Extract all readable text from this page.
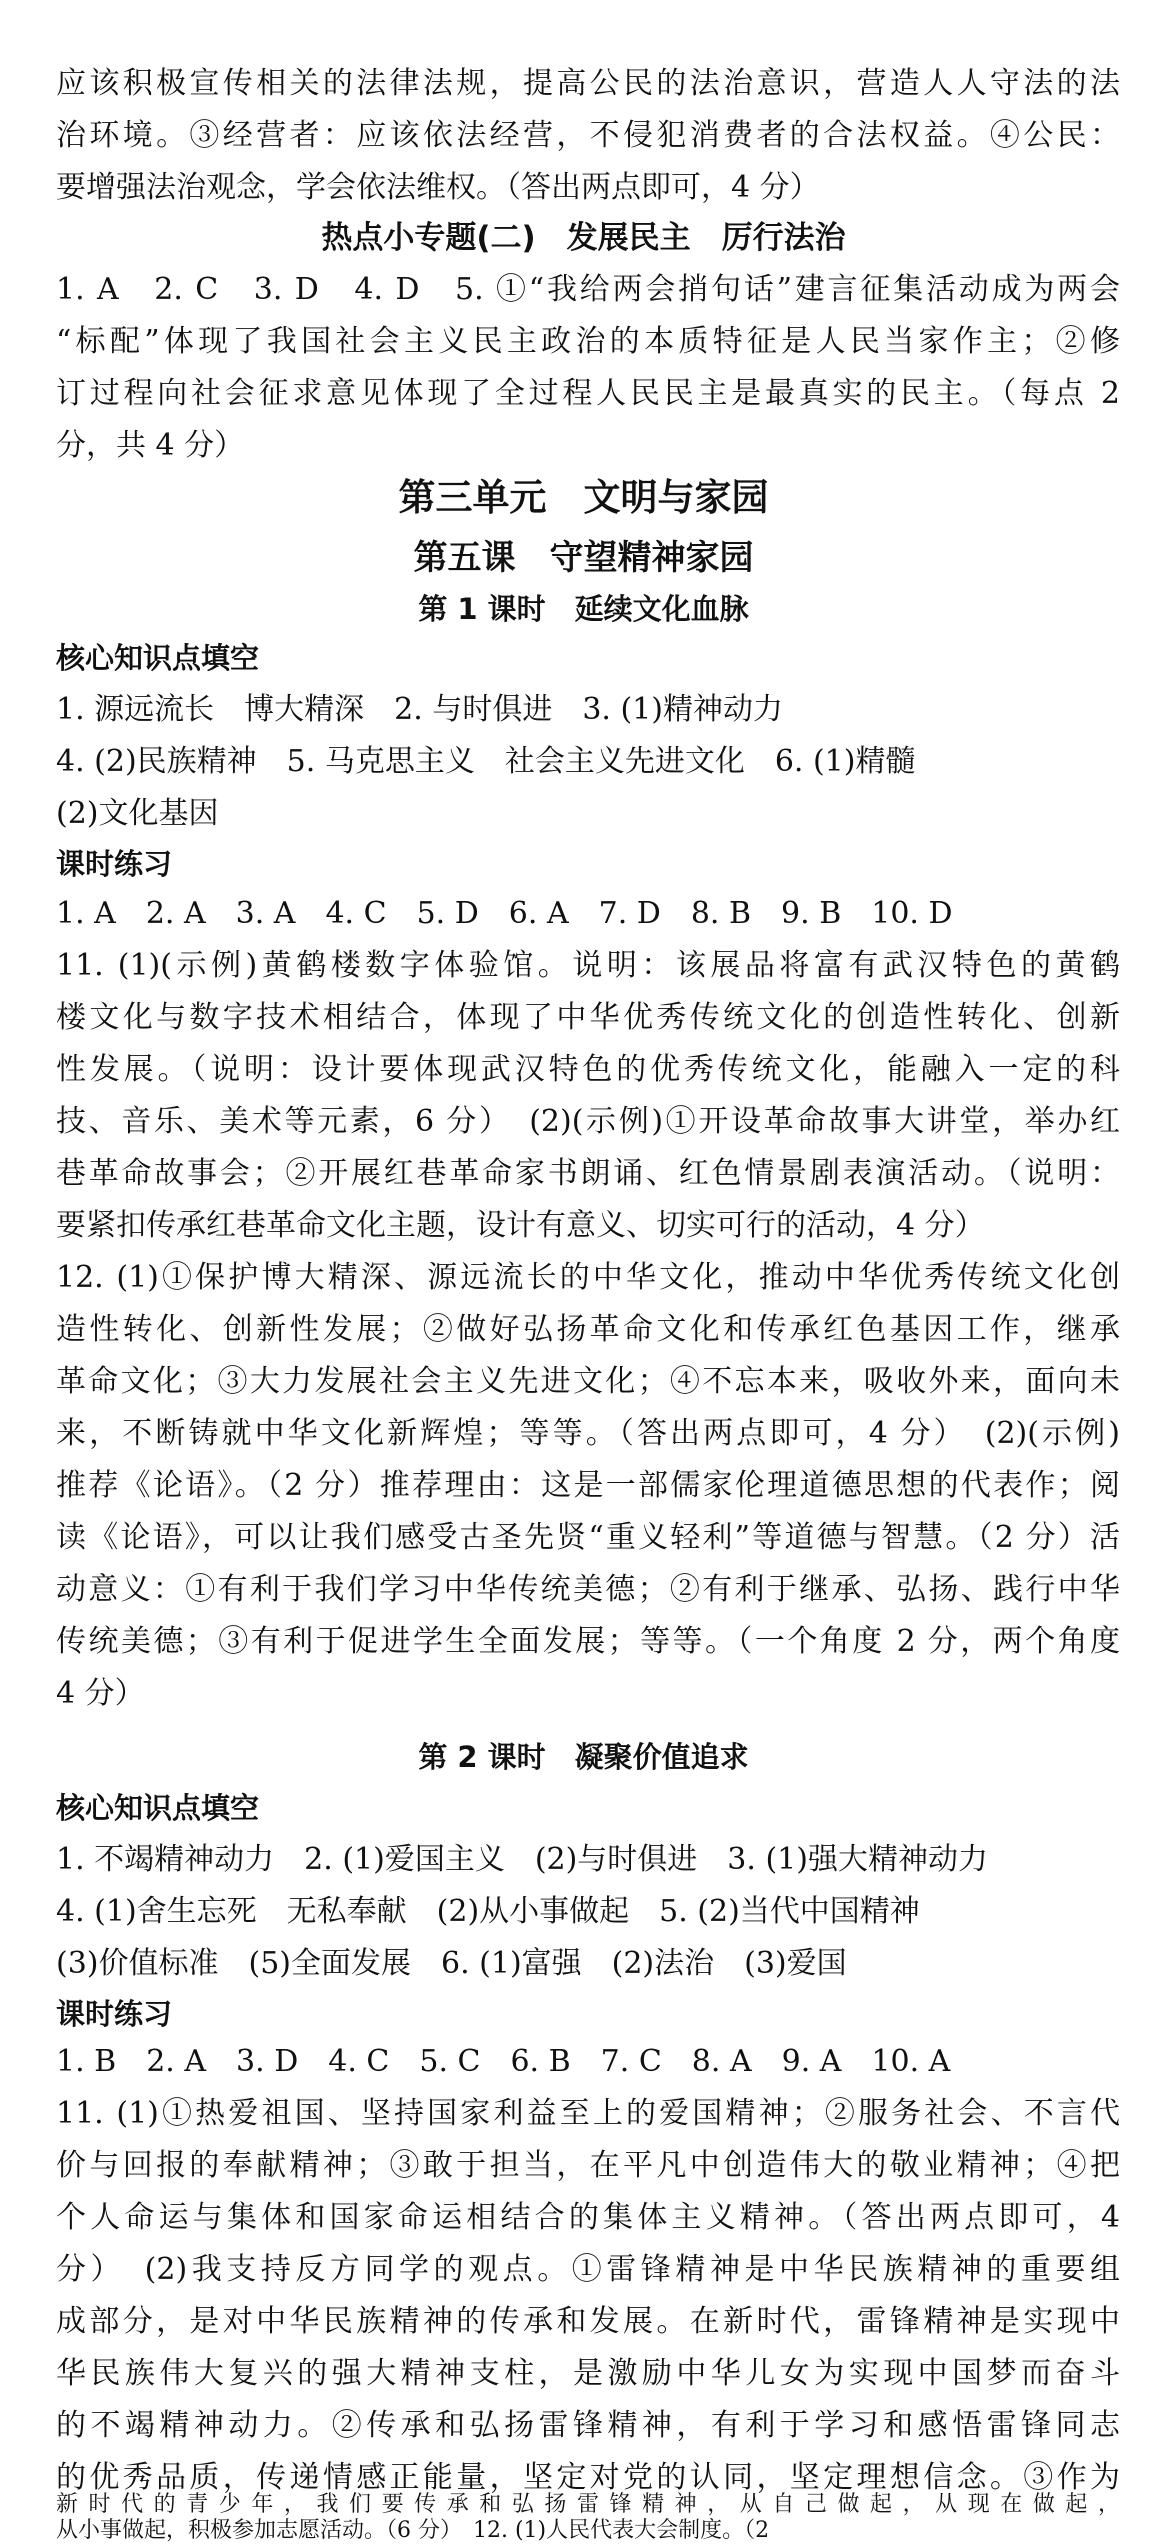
应该积极宣传相关的法律法规，提高公民的法治意识，营造人人守法的法
治环境。③经营者：应该依法经营，不侵犯消费者的合法权益。④公民：
要增强法治观念，学会依法维权。（答出两点即可，4 分）
热点小专题(二)　发展民主　厉行法治
1. A　2. C　3. D　4. D　5. ①“我给两会捎句话”建言征集活动成为两会
“标配”体现了我国社会主义民主政治的本质特征是人民当家作主；②修
订过程向社会征求意见体现了全过程人民民主是最真实的民主。（每点 2
分，共 4 分）
第三单元　文明与家园
第五课　守望精神家园
第 1 课时　延续文化血脉
核心知识点填空
1. 源远流长　博大精深　2. 与时俱进　3. (1)精神动力
4. (2)民族精神　5. 马克思主义　社会主义先进文化　6. (1)精髓
(2)文化基因
课时练习
1. A　2. A　3. A　4. C　5. D　6. A　7. D　8. B　9. B　10. D
11. (1)(示例)黄鹤楼数字体验馆。说明：该展品将富有武汉特色的黄鹤
楼文化与数字技术相结合，体现了中华优秀传统文化的创造性转化、创新
性发展。（说明：设计要体现武汉特色的优秀传统文化，能融入一定的科
技、音乐、美术等元素，6 分）　(2)(示例)①开设革命故事大讲堂，举办红
巷革命故事会；②开展红巷革命家书朗诵、红色情景剧表演活动。（说明：
要紧扣传承红巷革命文化主题，设计有意义、切实可行的活动，4 分）
12. (1)①保护博大精深、源远流长的中华文化，推动中华优秀传统文化创
造性转化、创新性发展；②做好弘扬革命文化和传承红色基因工作，继承
革命文化；③大力发展社会主义先进文化；④不忘本来，吸收外来，面向未
来，不断铸就中华文化新辉煌；等等。（答出两点即可，4 分）　(2)(示例)
推荐《论语》。（2 分）推荐理由：这是一部儒家伦理道德思想的代表作；阅
读《论语》，可以让我们感受古圣先贤“重义轻利”等道德与智慧。（2 分）活
动意义：①有利于我们学习中华传统美德；②有利于继承、弘扬、践行中华
传统美德；③有利于促进学生全面发展；等等。（一个角度 2 分，两个角度
4 分）
第 2 课时　凝聚价值追求
核心知识点填空
1. 不竭精神动力　2. (1)爱国主义　(2)与时俱进　3. (1)强大精神动力
4. (1)舍生忘死　无私奉献　(2)从小事做起　5. (2)当代中国精神
(3)价值标准　(5)全面发展　6. (1)富强　(2)法治　(3)爱国
课时练习
1. B　2. A　3. D　4. C　5. C　6. B　7. C　8. A　9. A　10. A
11. (1)①热爱祖国、坚持国家利益至上的爱国精神；②服务社会、不言代
价与回报的奉献精神；③敢于担当，在平凡中创造伟大的敬业精神；④把
个人命运与集体和国家命运相结合的集体主义精神。（答出两点即可，4
分）　(2)我支持反方同学的观点。①雷锋精神是中华民族精神的重要组
成部分，是对中华民族精神的传承和发展。在新时代，雷锋精神是实现中
华民族伟大复兴的强大精神支柱，是激励中华儿女为实现中国梦而奋斗
的不竭精神动力。②传承和弘扬雷锋精神，有利于学习和感悟雷锋同志
的优秀品质，传递情感正能量，坚定对党的认同，坚定理想信念。③作为
新时代的青少年，我们要传承和弘扬雷锋精神，从自己做起，从现在做起，
从小事做起，积极参加志愿活动。（6 分）　12. (1)人民代表大会制度。（2
